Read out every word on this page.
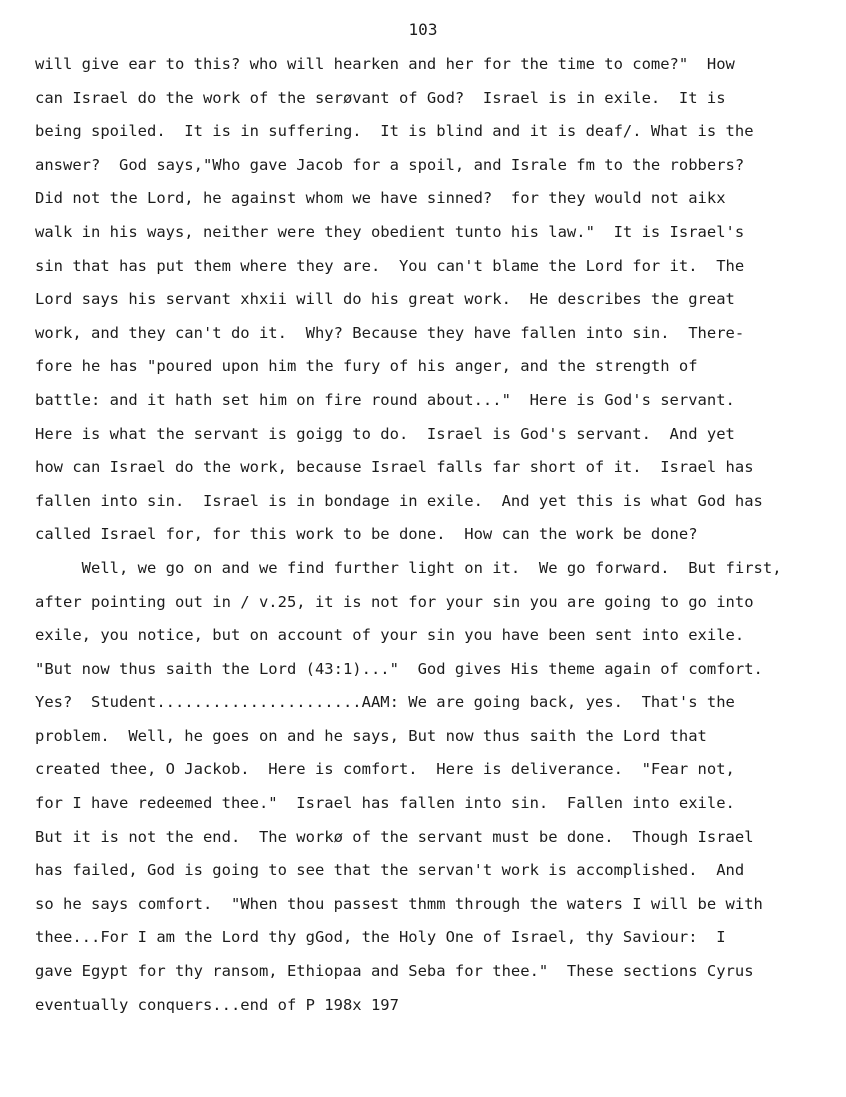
103
will give ear to this? who will hearken and her for the time to come?"  How
can Israel do the work of the serøvant of God?  Israel is in exile.  It is
being spoiled.  It is in suffering.  It is blind and it is deaf/. What is the
answer?  God says,"Who gave Jacob for a spoil, and Israle fm to the robbers?
Did not the Lord, he against whom we have sinned?  for they would not aikx
walk in his ways, neither were they obedient tunto his law."  It is Israel's
sin that has put them where they are.  You can't blame the Lord for it.  The
Lord says his servant xhxii will do his great work.  He describes the great
work, and they can't do it.  Why? Because they have fallen into sin.  There-
fore he has "poured upon him the fury of his anger, and the strength of
battle: and it hath set him on fire round about..."  Here is God's servant.
Here is what the servant is goigg to do.  Israel is God's servant.  And yet
how can Israel do the work, because Israel falls far short of it.  Israel has
fallen into sin.  Israel is in bondage in exile.  And yet this is what God has
called Israel for, for this work to be done.  How can the work be done?
Well, we go on and we find further light on it.  We go forward.  But first,
after pointing out in / v.25, it is not for your sin you are going to go into
exile, you notice, but on account of your sin you have been sent into exile.
"But now thus saith the Lord (43:1)..."  God gives His theme again of comfort.
Yes?  Student......................AAM: We are going back, yes.  That's the
problem.  Well, he goes on and he says, But now thus saith the Lord that
created thee, O Jackob.  Here is comfort.  Here is deliverance.  "Fear not,
for I have redeemed thee."  Israel has fallen into sin.  Fallen into exile.
But it is not the end.  The workø of the servant must be done.  Though Israel
has failed, God is going to see that the servan't work is accomplished.  And
so he says comfort.  "When thou passest thmm through the waters I will be with
thee...For I am the Lord thy gGod, the Holy One of Israel, thy Saviour:  I
gave Egypt for thy ransom, Ethiopaa and Seba for thee."  These sections Cyrus
eventually conquers...end of P 198x 197
